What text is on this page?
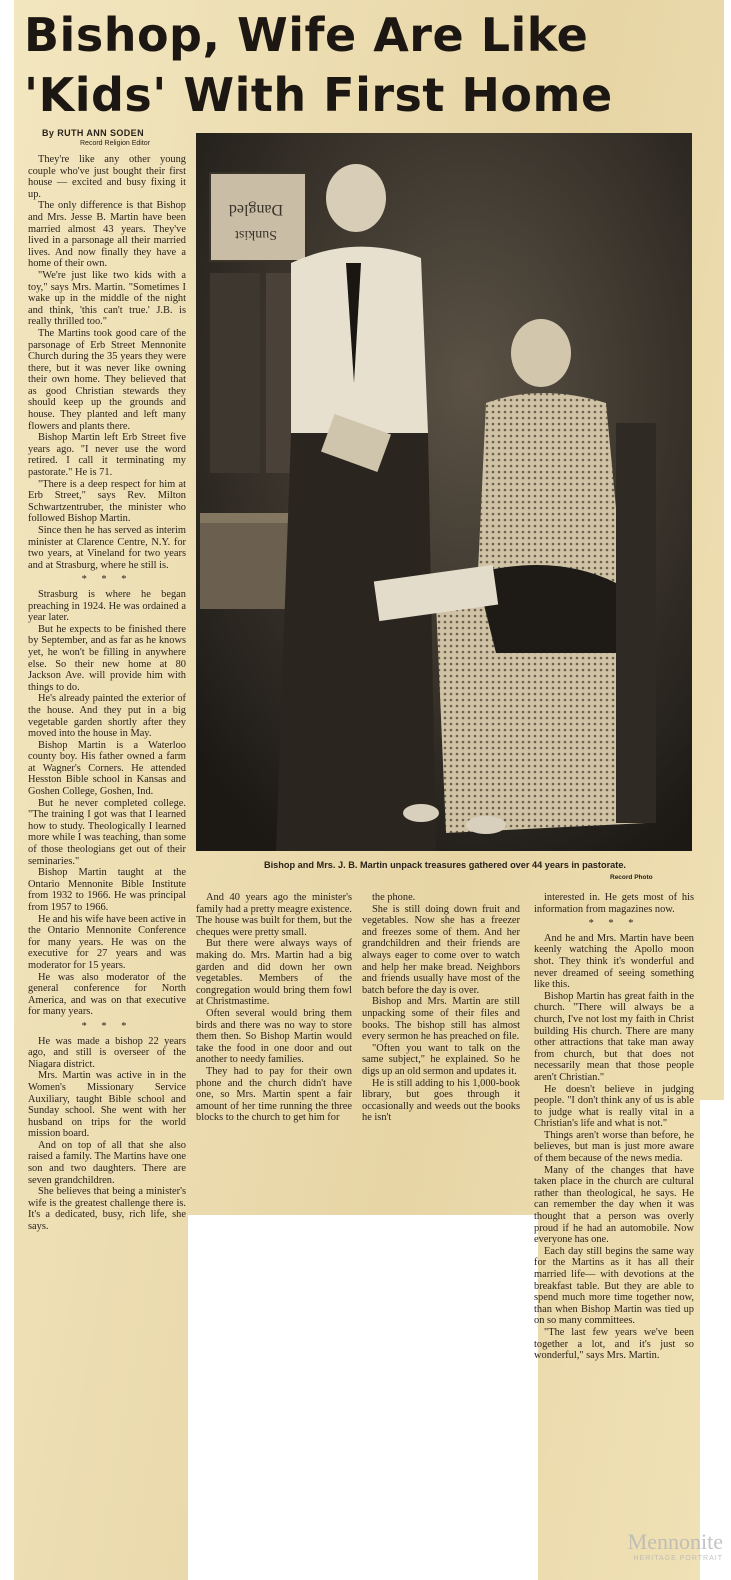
Bishop, Wife Are Like
'Kids' With First Home
By RUTH ANN SODEN
Record Religion Editor

They're like any other young couple who've just bought their first house — excited and busy fixing it up.

The only difference is that Bishop and Mrs. Jesse B. Martin have been married almost 43 years. They've lived in a parsonage all their married lives. And now finally they have a home of their own.

"We're just like two kids with a toy," says Mrs. Martin. "Sometimes I wake up in the middle of the night and think, 'this can't true.' J.B. is really thrilled too."

The Martins took good care of the parsonage of Erb Street Mennonite Church during the 35 years they were there, but it was never like owning their own home. They believed that as good Christian stewards they should keep up the grounds and house. They planted and left many flowers and plants there.

Bishop Martin left Erb Street five years ago. "I never use the word retired. I call it terminating my pastorate." He is 71.

"There is a deep respect for him at Erb Street," says Rev. Milton Schwartzentruber, the minister who followed Bishop Martin.

Since then he has served as interim minister at Clarence Centre, N.Y. for two years, at Vineland for two years and at Strasburg, where he still is.

* * *

Strasburg is where he began preaching in 1924. He was ordained a year later.

But he expects to be finished there by September, and as far as he knows yet, he won't be filling in anywhere else. So their new home at 80 Jackson Ave. will provide him with things to do.

He's already painted the exterior of the house. And they put in a big vegetable garden shortly after they moved into the house in May.

Bishop Martin is a Waterloo county boy. His father owned a farm at Wagner's Corners. He attended Hesston Bible school in Kansas and Goshen College, Goshen, Ind.

But he never completed college. "The training I got was that I learned how to study. Theologically I learned more while I was teaching, than some of those theologians get out of their seminaries."

Bishop Martin taught at the Ontario Mennonite Bible Institute from 1932 to 1966. He was principal from 1957 to 1966.

He and his wife have been active in the Ontario Mennonite Conference for many years. He was on the executive for 27 years and was moderator for 15 years.

He was also moderator of the general conference for North America, and was on that executive for many years.

* * *

He was made a bishop 22 years ago, and still is overseer of the Niagara district.

Mrs. Martin was active in in the Women's Missionary Service Auxiliary, taught Bible school and Sunday school. She went with her husband on trips for the world mission board.

And on top of all that she also raised a family. The Martins have one son and two daughters. There are seven grandchildren.

She believes that being a minister's wife is the greatest challenge there is. It's a dedicated, busy, rich life, she says.

Dangled
Sunkist
Bishop and Mrs. J. B. Martin unpack treasures gathered over 44 years in pastorate.
Record Photo

And 40 years ago the minister's family had a pretty meagre existence. The house was built for them, but the cheques were pretty small.

But there were always ways of making do. Mrs. Martin had a big garden and did down her own vegetables. Members of the congregation would bring them fowl at Christmastime.

Often several would bring them birds and there was no way to store them then. So Bishop Martin would take the food in one door and out another to needy families.

They had to pay for their own phone and the church didn't have one, so Mrs. Martin spent a fair amount of her time running the three blocks to the church to get him for

the phone.

She is still doing down fruit and vegetables. Now she has a freezer and freezes some of them. And her grandchildren and their friends are always eager to come over to watch and help her make bread. Neighbors and friends usually have most of the batch before the day is over.

Bishop and Mrs. Martin are still unpacking some of their files and books. The bishop still has almost every sermon he has preached on file.

"Often you want to talk on the same subject," he explained. So he digs up an old sermon and updates it.

He is still adding to his 1,000-book library, but goes through it occasionally and weeds out the books he isn't

interested in. He gets most of his information from magazines now.

* * *

And he and Mrs. Martin have been keenly watching the Apollo moon shot. They think it's wonderful and never dreamed of seeing something like this.

Bishop Martin has great faith in the church. "There will always be a church, I've not lost my faith in Christ building His church. There are many other attractions that take man away from church, but that does not necessarily mean that those people aren't Christian."

He doesn't believe in judging people. "I don't think any of us is able to judge what is really vital in a Christian's life and what is not."

Things aren't worse than before, he believes, but man is just more aware of them because of the news media.

Many of the changes that have taken place in the church are cultural rather than theological, he says. He can remember the day when it was thought that a person was overly proud if he had an automobile. Now everyone has one.

Each day still begins the same way for the Martins as it has all their married life— with devotions at the breakfast table. But they are able to spend much more time together now, than when Bishop Martin was tied up on so many committees.

"The last few years we've been together a lot, and it's just so wonderful," says Mrs. Martin.

Mennonite
HERITAGE PORTRAIT
